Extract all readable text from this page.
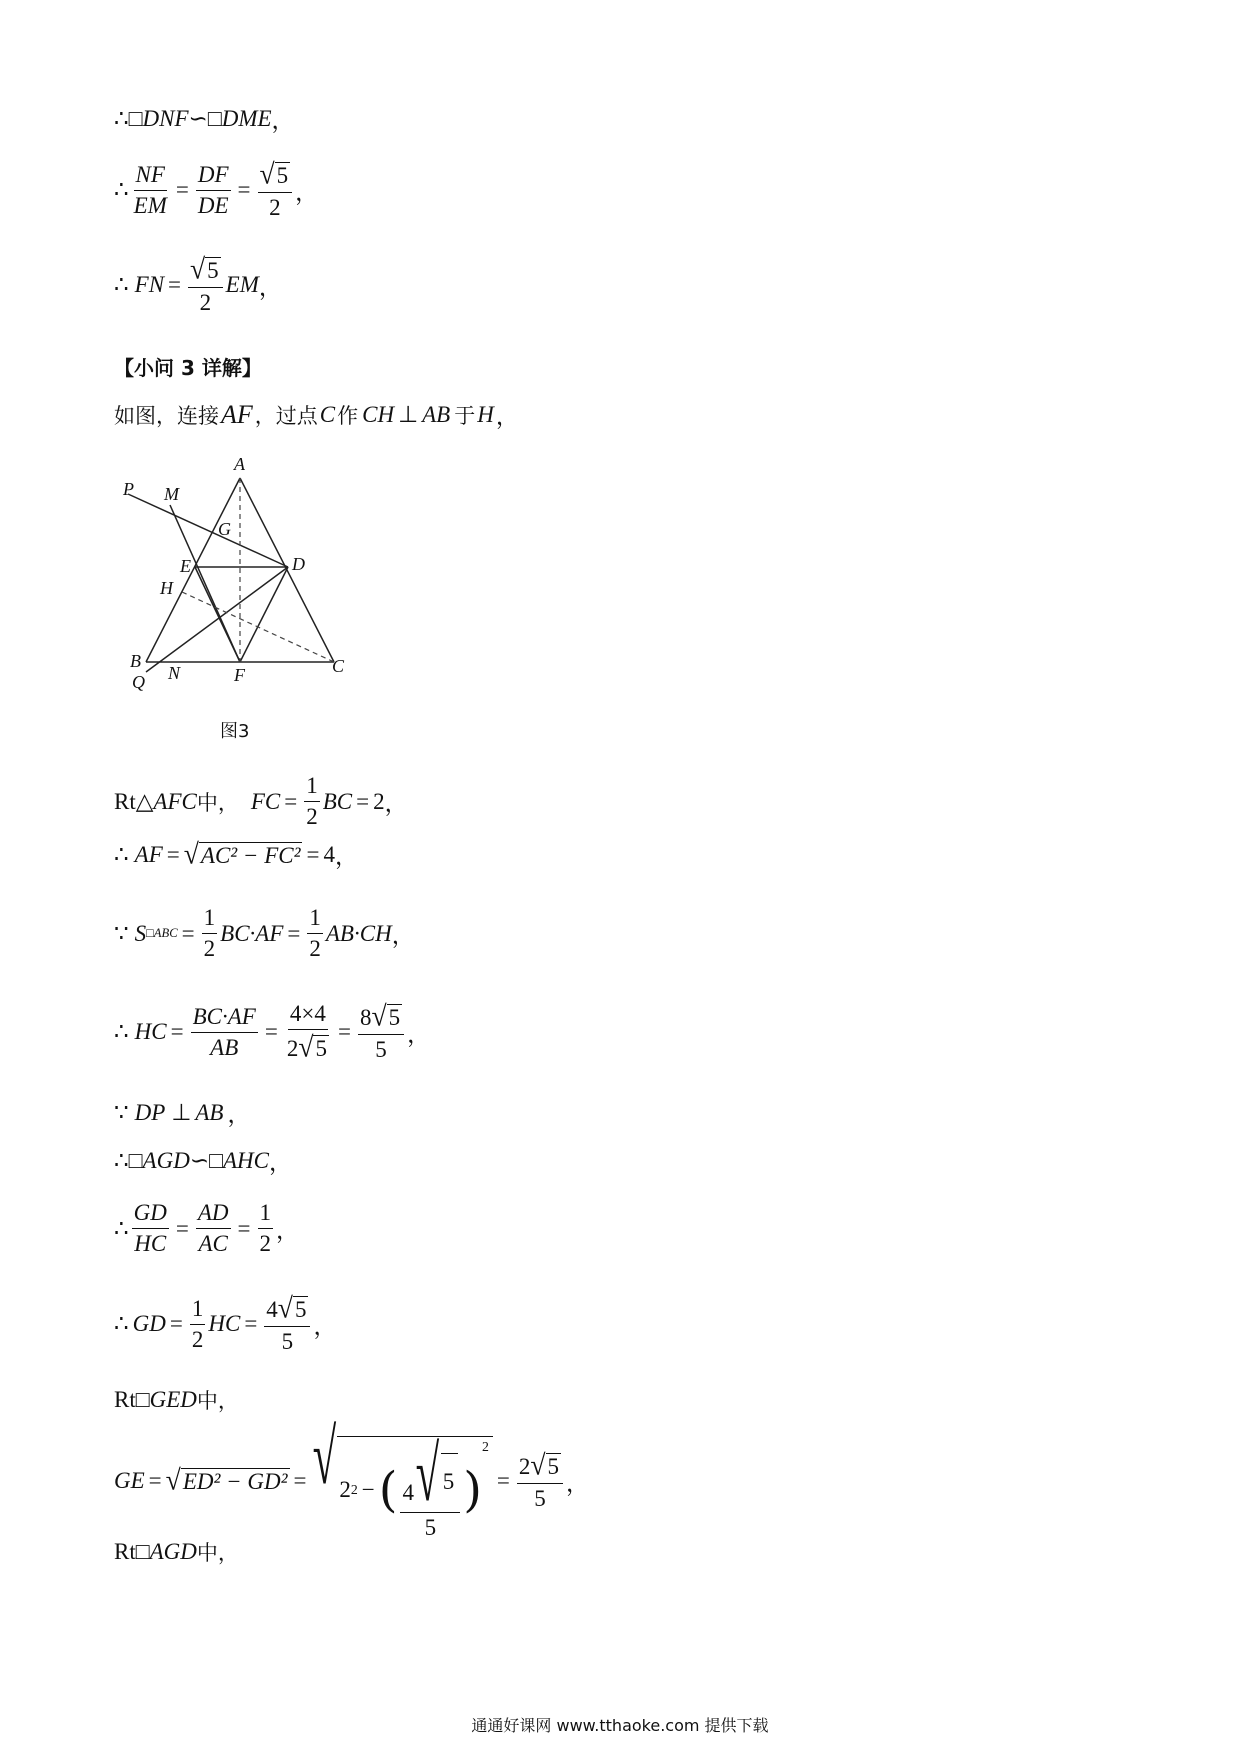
∴ □DNF ∽ □DME ，
∴ $\frac{NF}{EM} = \frac{DF}{DE} = \frac{√ 5}{2}$ ，
∴ FN = $\frac{√ 5}{2}$ EM ，
【小问 3 详解】
如图，连接 AF ，过点 C 作 CH ⊥ AB 于 H ，
A
P M
G
E	D
H
B
N	F	C
Q
图3
Rt△ AFC 中， FC = $\frac{1}{2}$ BC = 2 ，
∴ AF = √ AC² − FC² = 4 ，
∵ S □ABC = $\frac{1}{2} BC\cdot AF = \frac{1}{2} AB\cdot CH$ ，
∴ HC = $\frac{BC\cdot AF}{AB} = \frac{4\times 4}{2 √ 5} = \frac{8 √ 5}{5}$ ，
∵ DP ⊥ AB ，
∴ □AGD ∽ □AHC ，
∴ $\frac{GD}{HC} = \frac{AD}{AC} = \frac{1}{2}$ ，
∴ GD = $\frac{1}{2}$ HC = $\frac{4 √ 5}{5}$ ，
Rt □GED 中，
GE = √ ED² − GD² = √ 2 2 − ( $\frac{4 √ 5}{5}$ )
2
= $\frac{2 √ 5}{5}$ ，
Rt □AGD 中，
通通好课网 www.tthaoke.com 提供下载
